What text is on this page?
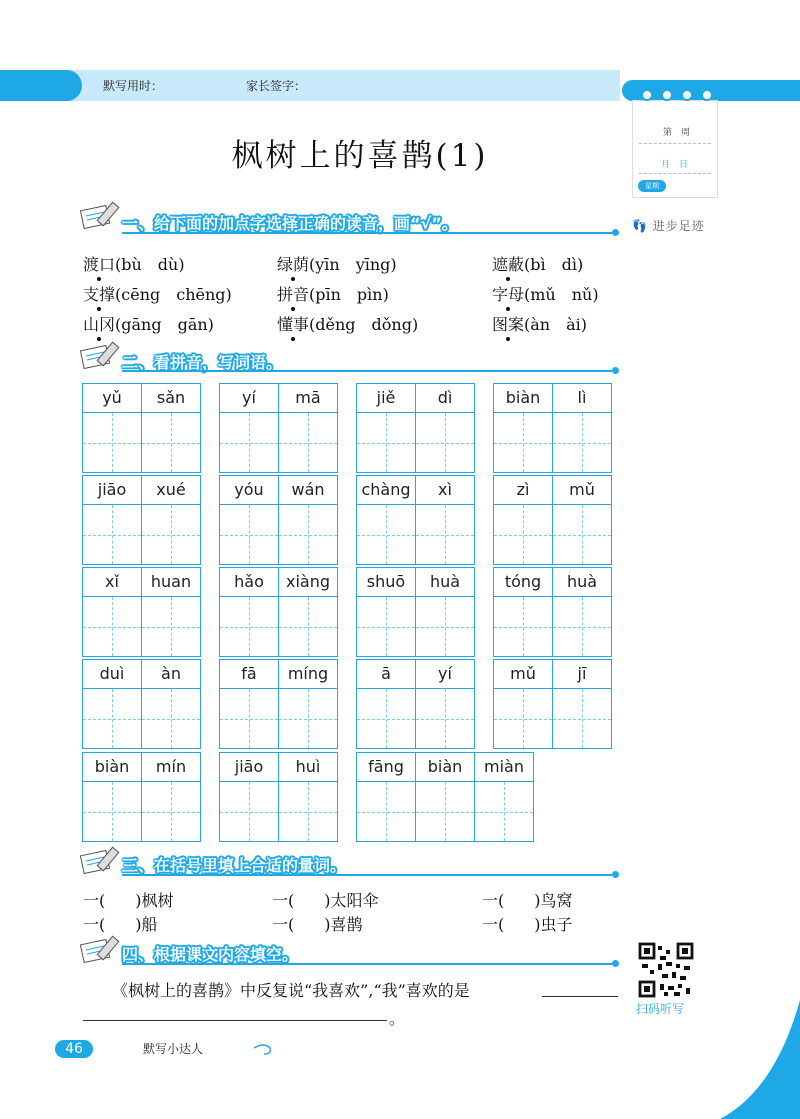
默写用时：	家长签字：
第　周
月　日
星期
👣 进步足迹
枫树上的喜鹊(1)
一、给下面的加点字选择正确的读音，画“√”。
渡口(bù　dù)	绿荫(yīn　yīng)	遮蔽(bì　dì)
支撑(cēng　chēng)	拼音(pīn　pìn)	字母(mǔ　nǔ)
山冈(gāng　gān)	懂事(děng　dǒng)	图案(àn　ài)
二、看拼音，写词语。
yǔ	sǎn	yí	mā	jiě	dì	biàn	lì
jiāo	xué	yóu	wán	chàng	xì	zì	mǔ
xǐ	huan	hǎo	xiàng	shuō	huà	tóng	huà
duì	àn	fā	míng	ā	yí	mǔ	jī
biàn	mín	jiāo	huì	fāng	biàn	miàn
三、在括号里填上合适的量词。
一( )枫树	一( )太阳伞	一( )鸟窝
一( )船	一( )喜鹊	一( )虫子
四、根据课文内容填空。
《枫树上的喜鹊》中反复说“我喜欢”,“我”喜欢的是
。	扫码听写
46	默写小达人
